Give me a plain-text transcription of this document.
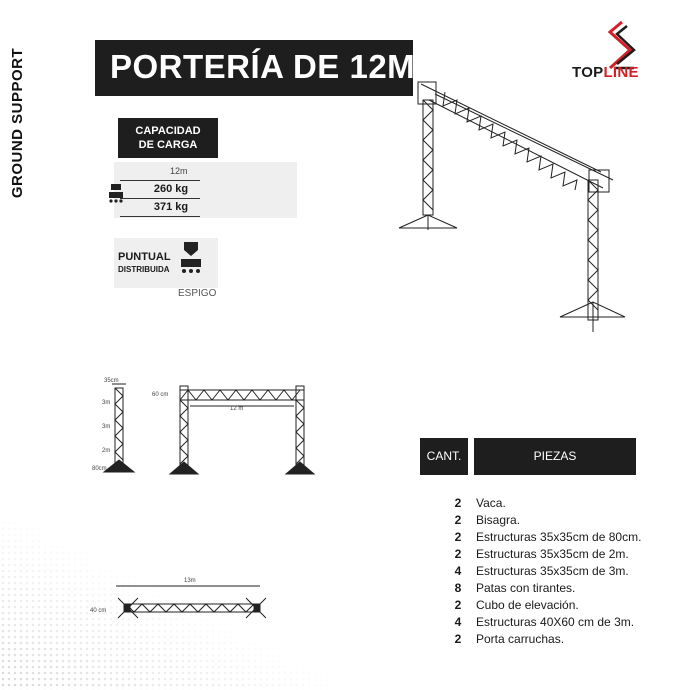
GROUND SUPPORT	PORTERÍA DE 12M	TOPLINE
CAPACIDAD
DE CARGA
12m
260 kg
371 kg
PUNTUAL
DISTRIBUIDA
ESPIGO
35cm
3m
3m
2m
80cm
60 cm
12 m
13m
40 cm
CANT.	PIEZAS
2 Vaca.
2 Bisagra.
2 Estructuras 35x35cm de 80cm.
2 Estructuras 35x35cm de 2m.
4 Estructuras 35x35cm de 3m.
8 Patas con tirantes.
2 Cubo de elevación.
4 Estructuras 40X60 cm de 3m.
2 Porta carruchas.
